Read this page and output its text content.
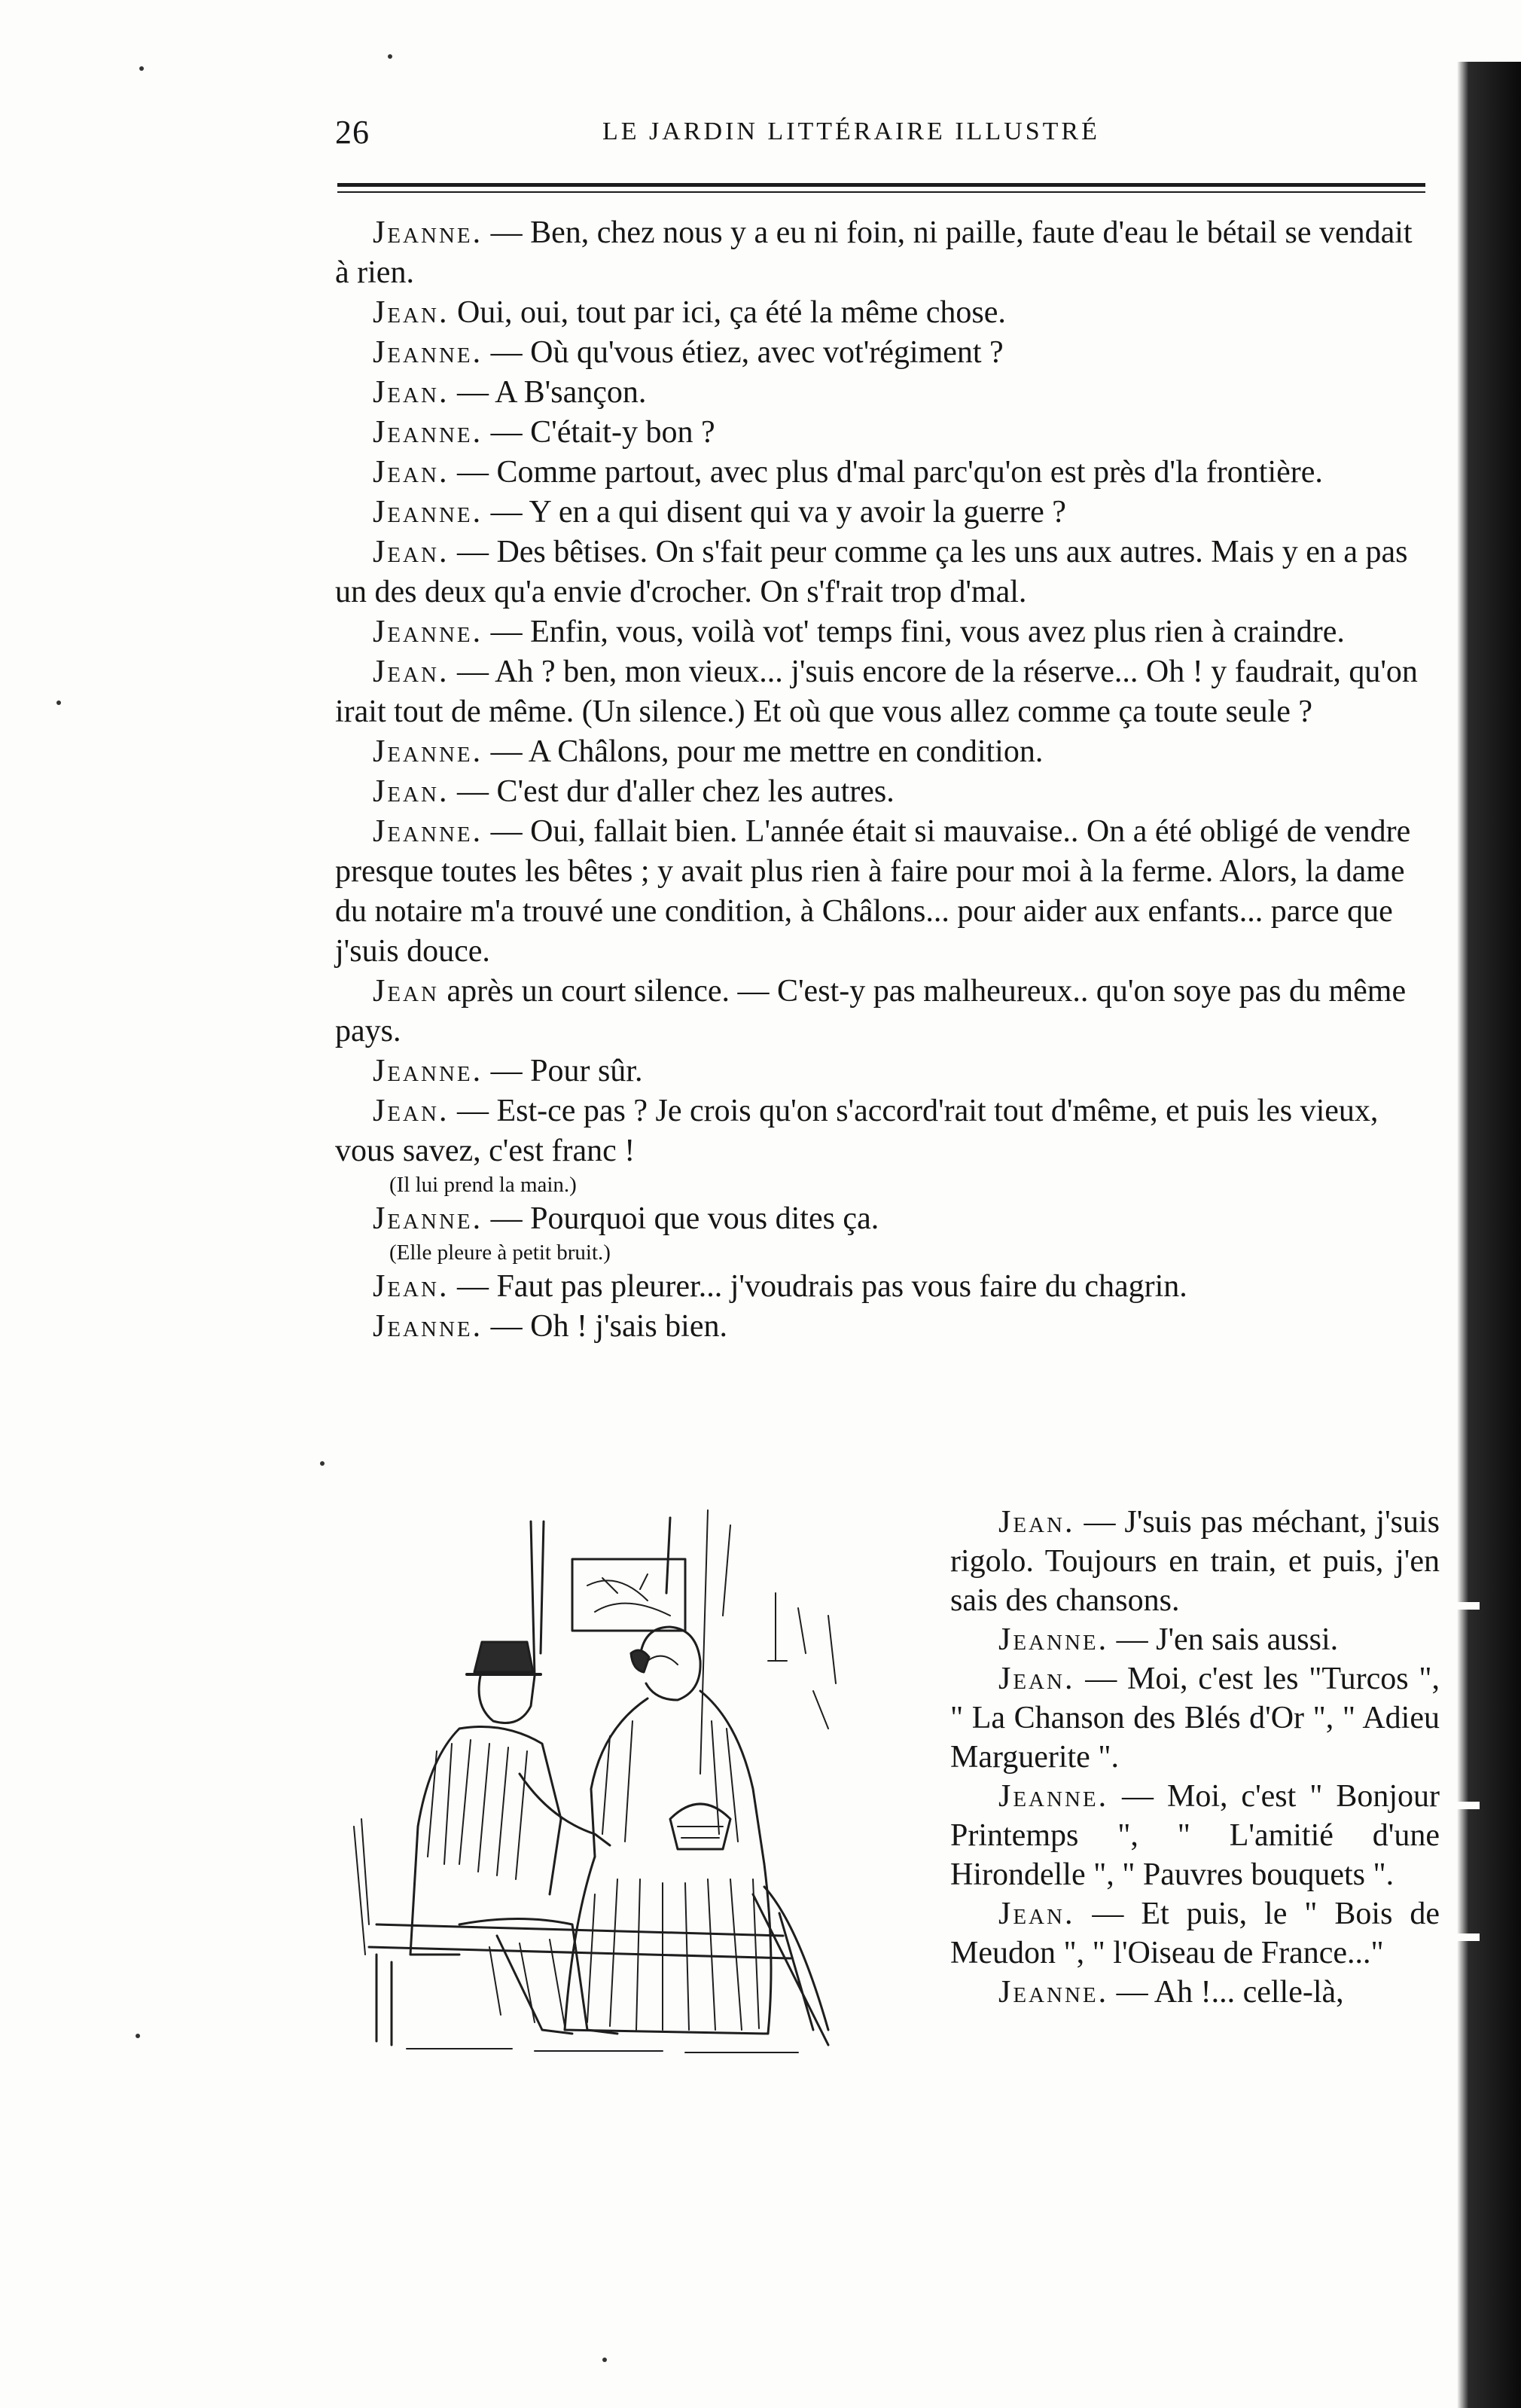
26	LE JARDIN LITTÉRAIRE ILLUSTRÉ

Jeanne. — Ben, chez nous y a eu ni foin, ni paille, faute d'eau le bétail se vendait à rien.

Jean. Oui, oui, tout par ici, ça été la même chose.

Jeanne. — Où qu'vous étiez, avec vot'régiment ?

Jean. — A B'sançon.

Jeanne. — C'était-y bon ?

Jean. — Comme partout, avec plus d'mal parc'qu'on est près d'la frontière.

Jeanne. — Y en a qui disent qui va y avoir la guerre ?

Jean. — Des bêtises. On s'fait peur comme ça les uns aux autres. Mais y en a pas un des deux qu'a envie d'crocher. On s'f'rait trop d'mal.

Jeanne. — Enfin, vous, voilà vot' temps fini, vous avez plus rien à craindre.

Jean. — Ah ? ben, mon vieux... j'suis encore de la réserve... Oh ! y faudrait, qu'on irait tout de même. (Un silence.) Et où que vous allez comme ça toute seule ?

Jeanne. — A Châlons, pour me mettre en condition.

Jean. — C'est dur d'aller chez les autres.

Jeanne. — Oui, fallait bien. L'année était si mauvaise.. On a été obligé de vendre presque toutes les bêtes ; y avait plus rien à faire pour moi à la ferme. Alors, la dame du notaire m'a trouvé une condition, à Châlons... pour aider aux enfants... parce que j'suis douce.

Jean après un court silence. — C'est-y pas malheureux.. qu'on soye pas du même pays.

Jeanne. — Pour sûr.

Jean. — Est-ce pas ? Je crois qu'on s'accord'rait tout d'même, et puis les vieux, vous savez, c'est franc !

(Il lui prend la main.)

Jeanne. — Pourquoi que vous dites ça.

(Elle pleure à petit bruit.)

Jean. — Faut pas pleurer... j'voudrais pas vous faire du chagrin.

Jeanne. — Oh ! j'sais bien.

Jean. — J'suis pas méchant, j'suis rigolo. Toujours en train, et puis, j'en sais des chansons.

Jeanne. — J'en sais aussi.

Jean. — Moi, c'est les "Turcos ", " La Chanson des Blés d'Or ", " Adieu Marguerite ".

Jeanne. — Moi, c'est " Bonjour Printemps ", " L'amitié d'une Hirondelle ", " Pauvres bouquets ".

Jean. — Et puis, le " Bois de Meudon ", " l'Oiseau de France..."

Jeanne. — Ah !... celle-là,
